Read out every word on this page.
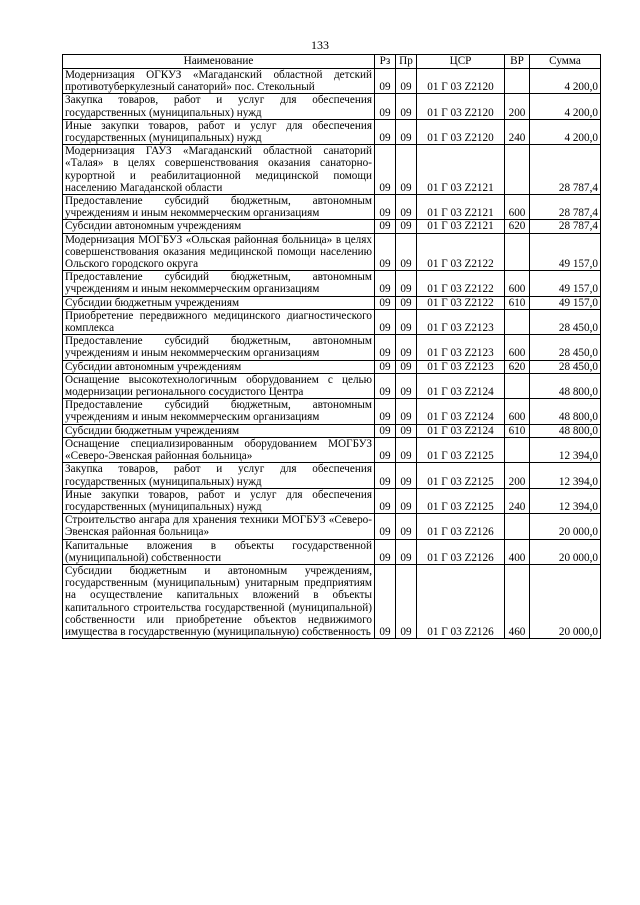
133
Наименование	Рз	Пр	ЦСР	ВР	Сумма
Модернизация ОГКУЗ «Магаданский областной детский противотуберкулезный санаторий» пос. Стекольный	09	09	01 Г 03 Z2120		4 200,0
Закупка товаров, работ и услуг для обеспечения государственных (муниципальных) нужд	09	09	01 Г 03 Z2120	200	4 200,0
Иные закупки товаров, работ и услуг для обеспечения государственных (муниципальных) нужд	09	09	01 Г 03 Z2120	240	4 200,0
Модернизация ГАУЗ «Магаданский областной санаторий «Талая» в целях совершенствования оказания санаторно-курортной и реабилитационной медицинской помощи населению Магаданской области	09	09	01 Г 03 Z2121		28 787,4
Предоставление субсидий бюджетным, автономным учреждениям и иным некоммерческим организациям	09	09	01 Г 03 Z2121	600	28 787,4
Субсидии автономным учреждениям	09	09	01 Г 03 Z2121	620	28 787,4
Модернизация МОГБУЗ «Ольская районная больница» в целях совершенствования оказания медицинской помощи населению Ольского городского округа	09	09	01 Г 03 Z2122		49 157,0
Предоставление субсидий бюджетным, автономным учреждениям и иным некоммерческим организациям	09	09	01 Г 03 Z2122	600	49 157,0
Субсидии бюджетным учреждениям	09	09	01 Г 03 Z2122	610	49 157,0
Приобретение передвижного медицинского диагностического комплекса	09	09	01 Г 03 Z2123		28 450,0
Предоставление субсидий бюджетным, автономным учреждениям и иным некоммерческим организациям	09	09	01 Г 03 Z2123	600	28 450,0
Субсидии автономным учреждениям	09	09	01 Г 03 Z2123	620	28 450,0
Оснащение высокотехнологичным оборудованием с целью модернизации регионального сосудистого Центра	09	09	01 Г 03 Z2124		48 800,0
Предоставление субсидий бюджетным, автономным учреждениям и иным некоммерческим организациям	09	09	01 Г 03 Z2124	600	48 800,0
Субсидии бюджетным учреждениям	09	09	01 Г 03 Z2124	610	48 800,0
Оснащение специализированным оборудованием МОГБУЗ «Северо-Эвенская районная больница»	09	09	01 Г 03 Z2125		12 394,0
Закупка товаров, работ и услуг для обеспечения государственных (муниципальных) нужд	09	09	01 Г 03 Z2125	200	12 394,0
Иные закупки товаров, работ и услуг для обеспечения государственных (муниципальных) нужд	09	09	01 Г 03 Z2125	240	12 394,0
Строительство ангара для хранения техники МОГБУЗ «Северо-Эвенская районная больница»	09	09	01 Г 03 Z2126		20 000,0
Капитальные вложения в объекты государственной (муниципальной) собственности	09	09	01 Г 03 Z2126	400	20 000,0
Субсидии бюджетным и автономным учреждениям, государственным (муниципальным) унитарным предприятиям на осуществление капитальных вложений в объекты капитального строительства государственной (муниципальной) собственности или приобретение объектов недвижимого имущества в государственную (муниципальную) собственность	09	09	01 Г 03 Z2126	460	20 000,0
